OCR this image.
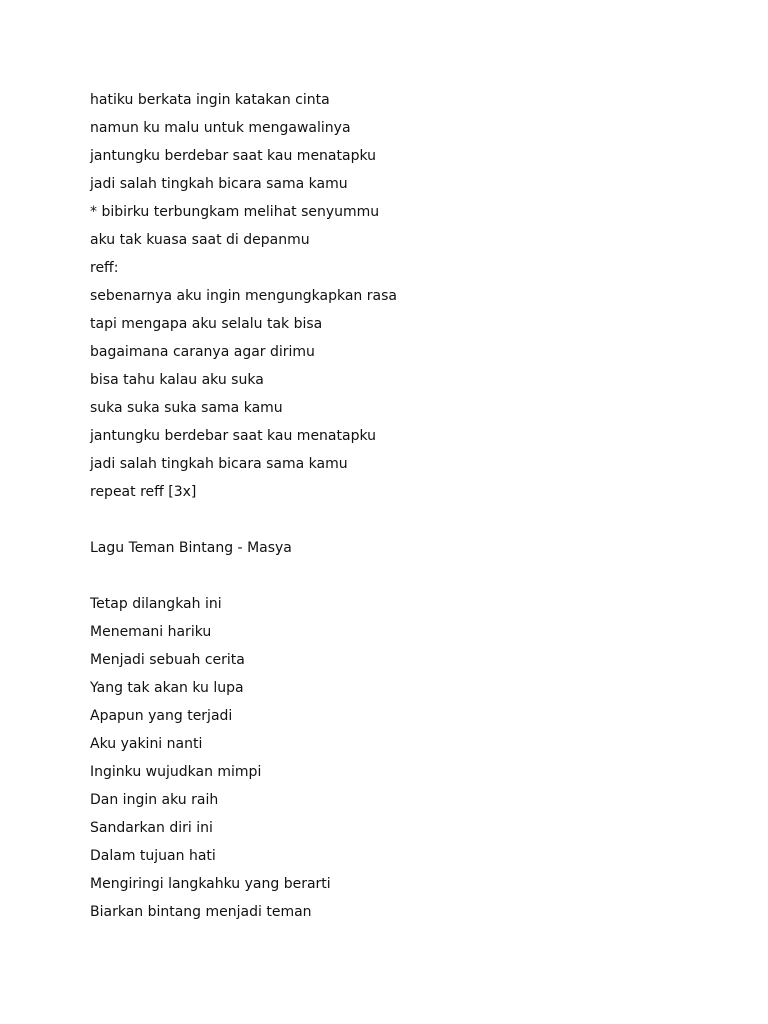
hatiku berkata ingin katakan cinta
namun ku malu untuk mengawalinya
jantungku berdebar saat kau menatapku
jadi salah tingkah bicara sama kamu
* bibirku terbungkam melihat senyummu
aku tak kuasa saat di depanmu
reff:
sebenarnya aku ingin mengungkapkan rasa
tapi mengapa aku selalu tak bisa
bagaimana caranya agar dirimu
bisa tahu kalau aku suka
suka suka suka sama kamu
jantungku berdebar saat kau menatapku
jadi salah tingkah bicara sama kamu
repeat reff [3x]
Lagu Teman Bintang - Masya
Tetap dilangkah ini
Menemani hariku
Menjadi sebuah cerita
Yang tak akan ku lupa
Apapun yang terjadi
Aku yakini nanti
Inginku wujudkan mimpi
Dan ingin aku raih
Sandarkan diri ini
Dalam tujuan hati
Mengiringi langkahku yang berarti
Biarkan bintang menjadi teman
